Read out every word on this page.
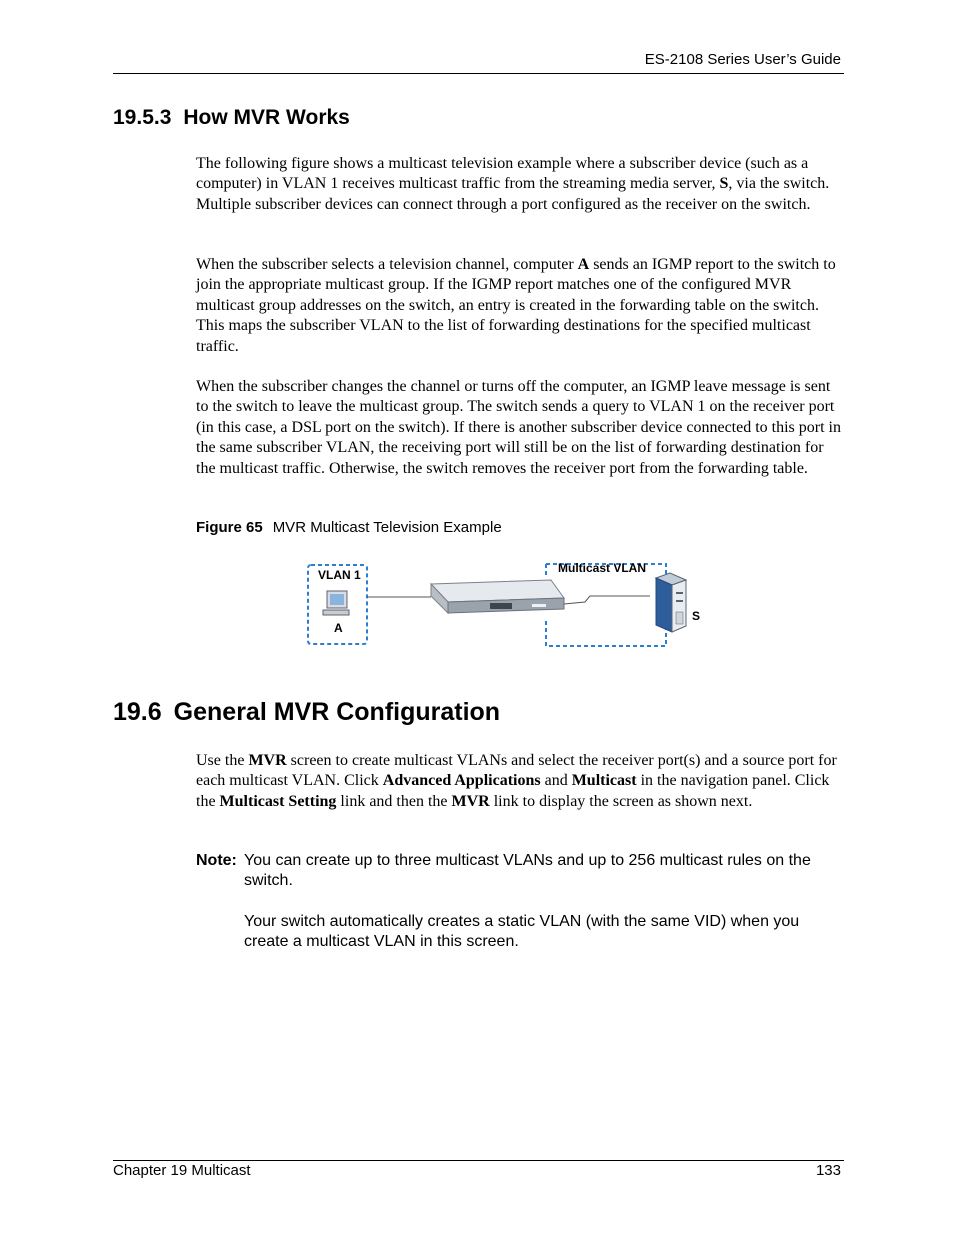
ES-2108 Series User’s Guide
19.5.3 How MVR Works

The following figure shows a multicast television example where a subscriber device (such as a computer) in VLAN 1 receives multicast traffic from the streaming media server, S, via the switch. Multiple subscriber devices can connect through a port configured as the receiver on the switch.

When the subscriber selects a television channel, computer A sends an IGMP report to the switch to join the appropriate multicast group. If the IGMP report matches one of the configured MVR multicast group addresses on the switch, an entry is created in the forwarding table on the switch. This maps the subscriber VLAN to the list of forwarding destinations for the specified multicast traffic.

When the subscriber changes the channel or turns off the computer, an IGMP leave message is sent to the switch to leave the multicast group. The switch sends a query to VLAN 1 on the receiver port (in this case, a DSL port on the switch). If there is another subscriber device connected to this port in the same subscriber VLAN, the receiving port will still be on the list of forwarding destination for the multicast traffic. Otherwise, the switch removes the receiver port from the forwarding table.

Figure 65 MVR Multicast Television Example
VLAN 1
A
Multicast VLAN
S
19.6 General MVR Configuration

Use the MVR screen to create multicast VLANs and select the receiver port(s) and a source port for each multicast VLAN. Click Advanced Applications and Multicast in the navigation panel. Click the Multicast Setting link and then the MVR link to display the screen as shown next.

Note: You can create up to three multicast VLANs and up to 256 multicast rules on the switch.

Your switch automatically creates a static VLAN (with the same VID) when you create a multicast VLAN in this screen.

Chapter 19 Multicast	133
